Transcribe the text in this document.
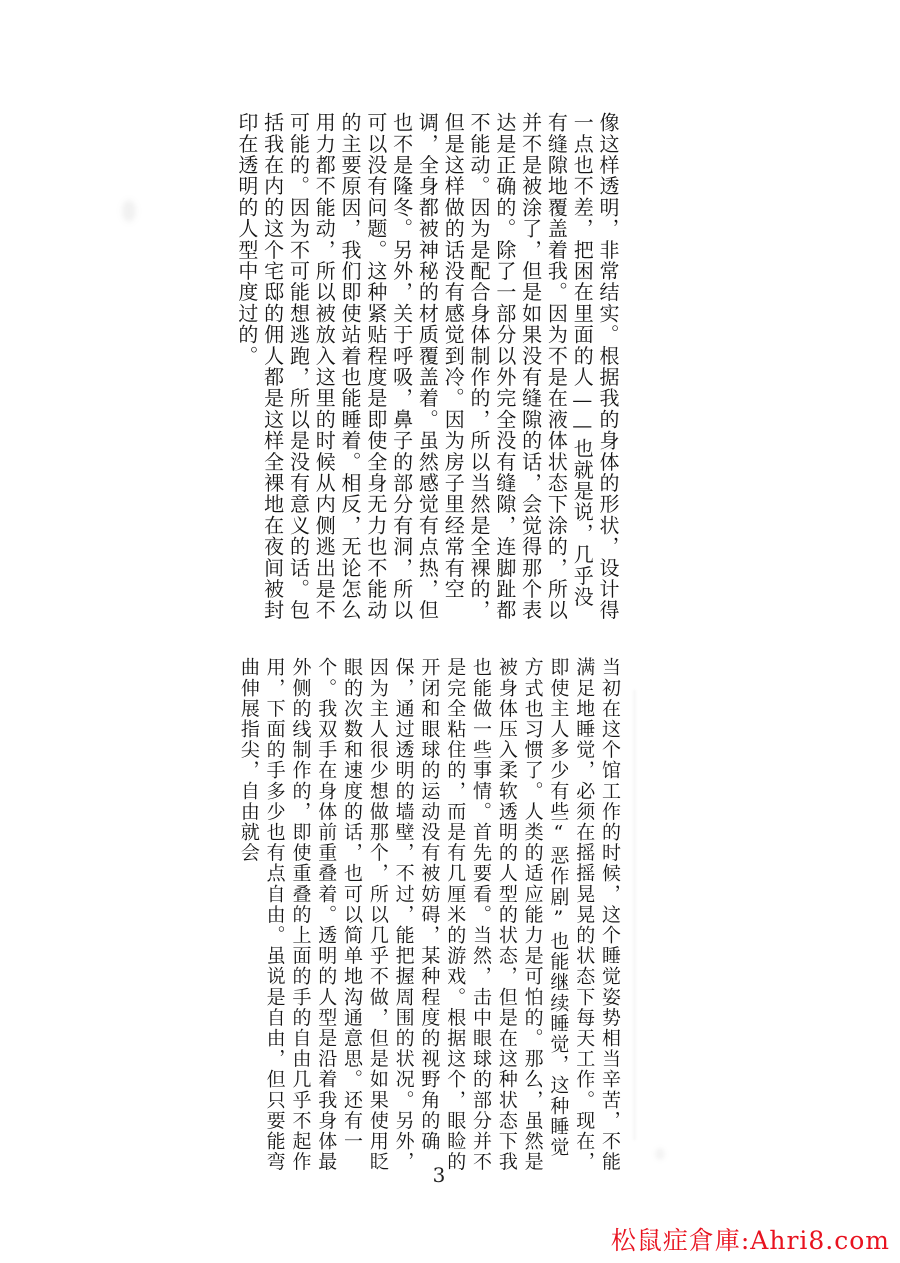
像这样透明，非常结实。根据我的身体的形状，设计得一点也不差，把困在里面的人——也就是说，几乎没有缝隙地覆盖着我。因为不是在液体状态下涂的，所以并不是被涂了，但是如果没有缝隙的话，会觉得那个表达是正确的。除了一部分以外完全没有缝隙，连脚趾都不能动。因为是配合身体制作的，所以当然是全裸的，但是这样做的话没有感觉到冷。因为房子里经常有空调，全身都被神秘的材质覆盖着。虽然感觉有点热，但也不是隆冬。另外，关于呼吸，鼻子的部分有洞，所以可以没有问题。这种紧贴程度是即使全身无力也不能动的主要原因，我们即使站着也能睡着。相反，无论怎么用力都不能动，所以被放入这里的时候从内侧逃出是不可能的。因为不可能想逃跑，所以是没有意义的话。包括我在内的这个宅邸的佣人都是这样全裸地在夜间被封印在透明的人型中度过的。
当初在这个馆工作的时候，这个睡觉姿势相当辛苦，不能满足地睡觉，必须在摇摇晃晃的状态下每天工作。现在，即使主人多少有些“恶作剧”也能继续睡觉，这种睡觉方式也习惯了。人类的适应能力是可怕的。那么，虽然是被身体压入柔软透明的人型的状态，但是在这种状态下我也能做一些事情。首先要看。当然，击中眼球的部分并不是完全粘住的，而是有几厘米的游戏。根据这个，眼睑的开闭和眼球的运动没有被妨碍，某种程度的视野角的确保，通过透明的墙壁，不过，能把握周围的状况。另外，因为主人很少想做那个，所以几乎不做，但是如果使用眨眼的次数和速度的话，也可以简单地沟通意思。还有一个。我双手在身体前重叠着。透明的人型是沿着我身体最外侧的线制作的，即使重叠的上面的手的自由几乎不起作用，下面的手多少也有点自由。虽说是自由，但只要能弯曲伸展指尖，自由就会
3
松鼠症倉庫:Ahri8.com
